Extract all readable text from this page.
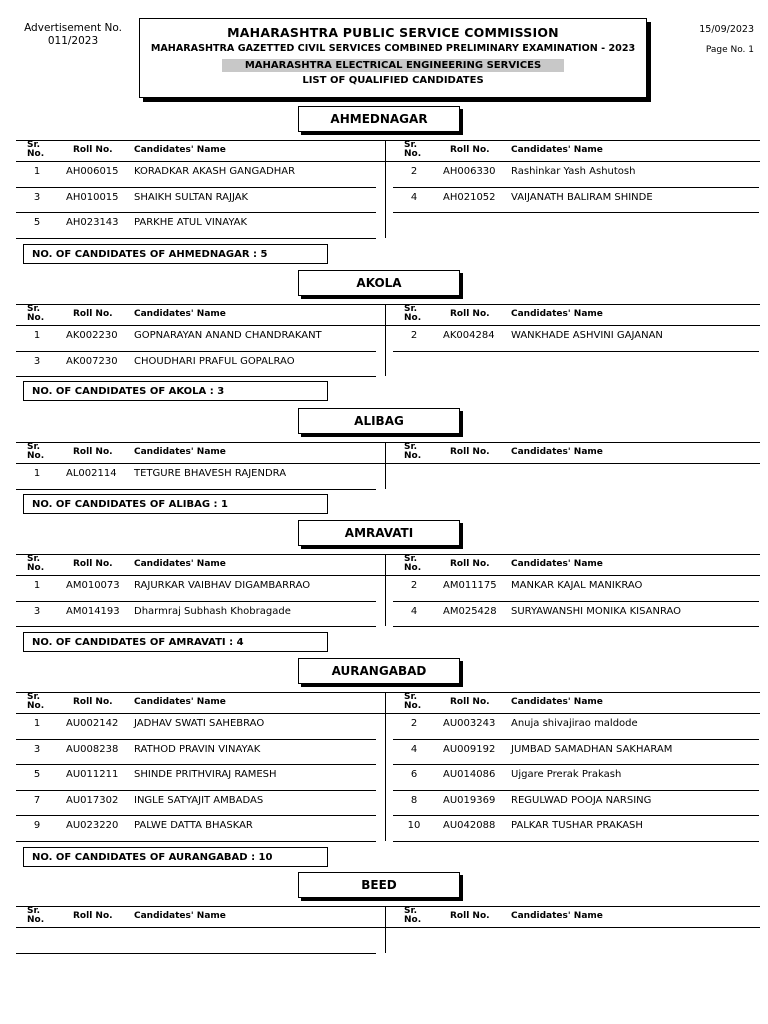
Advertisement No.
011/2023
MAHARASHTRA PUBLIC SERVICE COMMISSION
MAHARASHTRA GAZETTED CIVIL SERVICES COMBINED PRELIMINARY EXAMINATION - 2023
MAHARASHTRA ELECTRICAL ENGINEERING SERVICES
LIST OF QUALIFIED CANDIDATES
15/09/2023
Page No. 1
AHMEDNAGAR
Sr.
No.	Roll No. Candidates' Name	Sr.
No.	Roll No. Candidates' Name
1	AH006015 KORADKAR AKASH GANGADHAR	2	AH006330 Rashinkar Yash Ashutosh
3	AH010015 SHAIKH SULTAN RAJJAK	4	AH021052 VAIJANATH BALIRAM SHINDE
5	AH023143 PARKHE ATUL VINAYAK
NO. OF CANDIDATES OF AHMEDNAGAR : 5
AKOLA
Sr.
No.	Roll No. Candidates' Name	Sr.
No.	Roll No. Candidates' Name
1	AK002230 GOPNARAYAN ANAND CHANDRAKANT	2	AK004284 WANKHADE ASHVINI GAJANAN
3	AK007230 CHOUDHARI PRAFUL GOPALRAO
NO. OF CANDIDATES OF AKOLA : 3
ALIBAG
Sr.
No.	Roll No. Candidates' Name	Sr.
No.	Roll No. Candidates' Name
1	AL002114 TETGURE BHAVESH RAJENDRA
NO. OF CANDIDATES OF ALIBAG : 1
AMRAVATI
Sr.
No.	Roll No. Candidates' Name	Sr.
No.	Roll No. Candidates' Name
1	AM010073 RAJURKAR VAIBHAV DIGAMBARRAO	2	AM011175 MANKAR KAJAL MANIKRAO
3	AM014193 Dharmraj Subhash Khobragade	4	AM025428 SURYAWANSHI MONIKA KISANRAO
NO. OF CANDIDATES OF AMRAVATI : 4
AURANGABAD
Sr.
No.	Roll No. Candidates' Name	Sr.
No.	Roll No. Candidates' Name
1	AU002142 JADHAV SWATI SAHEBRAO	2	AU003243 Anuja shivajirao maldode
3	AU008238 RATHOD PRAVIN VINAYAK	4	AU009192 JUMBAD SAMADHAN SAKHARAM
5	AU011211 SHINDE PRITHVIRAJ RAMESH	6	AU014086 Ujgare Prerak Prakash
7	AU017302 INGLE SATYAJIT AMBADAS	8	AU019369 REGULWAD POOJA NARSING
9	AU023220 PALWE DATTA BHASKAR	10	AU042088 PALKAR TUSHAR PRAKASH
NO. OF CANDIDATES OF AURANGABAD : 10
BEED
Sr.
No.	Roll No. Candidates' Name	Sr.
No.	Roll No. Candidates' Name
